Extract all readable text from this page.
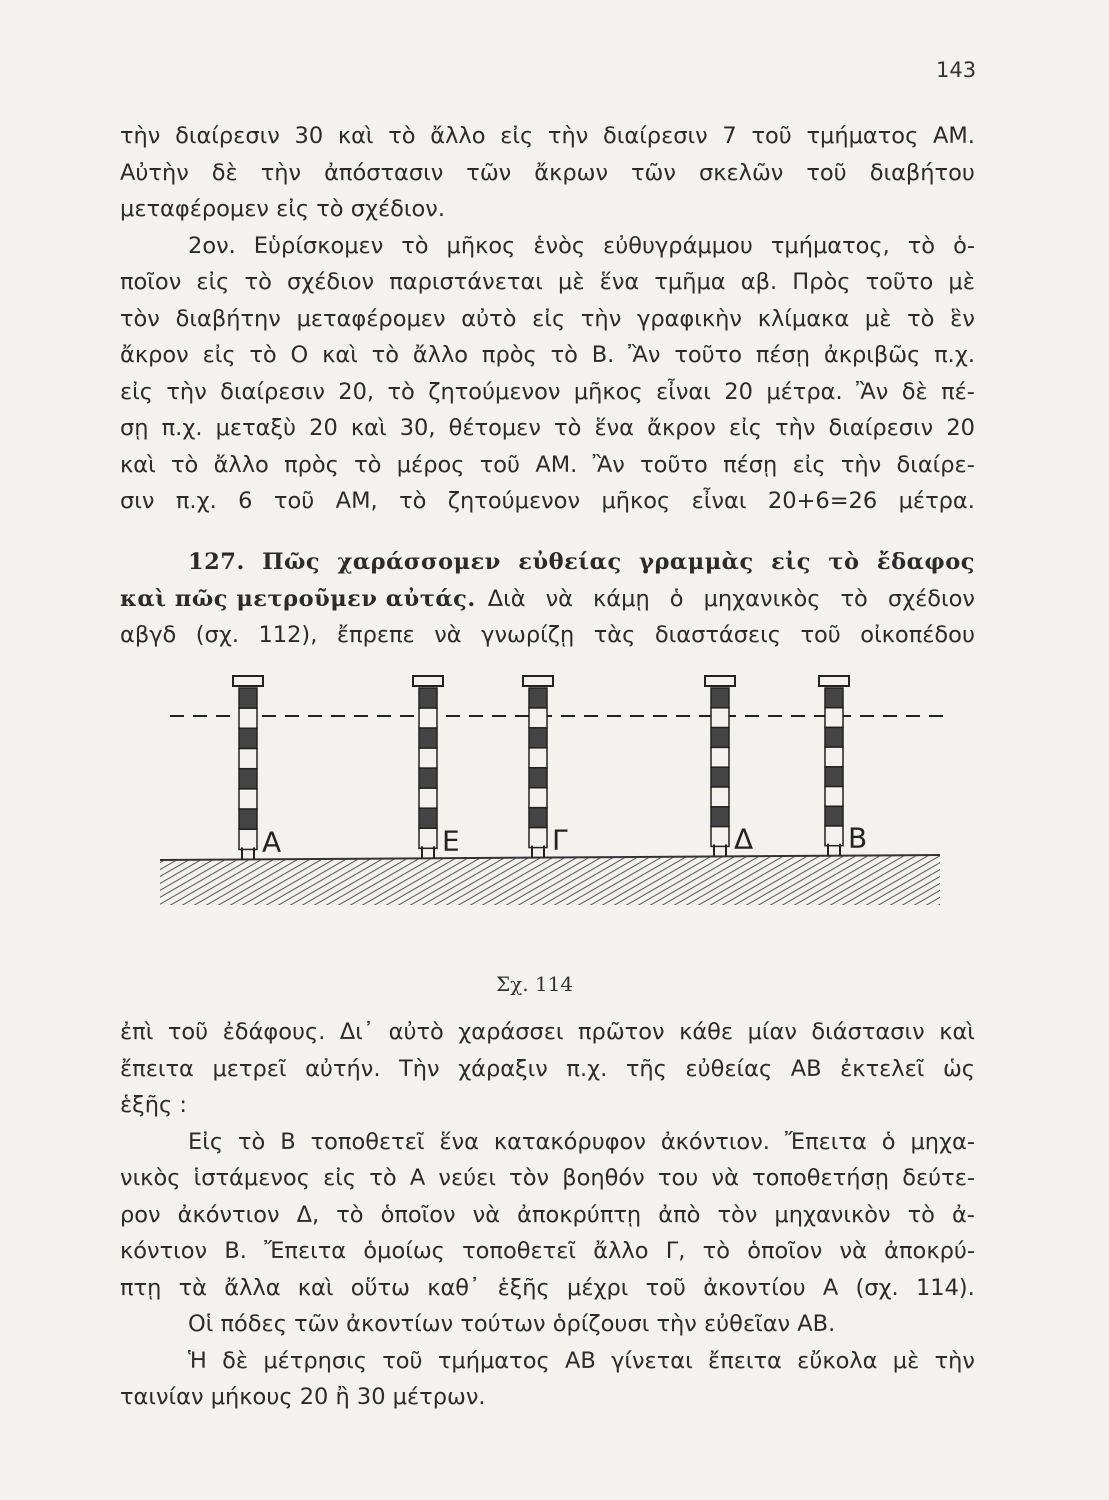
143
τὴν διαίρεσιν 30 καὶ τὸ ἄλλο εἰς τὴν διαίρεσιν 7 τοῦ τμήματος ΑΜ.
Αὐτὴν δὲ τὴν ἀπόστασιν τῶν ἄκρων τῶν σκελῶν τοῦ διαβήτου
μεταφέρομεν εἰς τὸ σχέδιον.
2ον. Εὑρίσκομεν τὸ μῆκος ἑνὸς εὐθυγράμμου τμήματος, τὸ ὁ-
ποῖον εἰς τὸ σχέδιον παριστάνεται μὲ ἕνα τμῆμα αβ. Πρὸς τοῦτο μὲ
τὸν διαβήτην μεταφέρομεν αὐτὸ εἰς τὴν γραφικὴν κλίμακα μὲ τὸ ἓν
ἄκρον εἰς τὸ Ο καὶ τὸ ἄλλο πρὸς τὸ Β. Ἂν τοῦτο πέσῃ ἀκριβῶς π.χ.
εἰς τὴν διαίρεσιν 20, τὸ ζητούμενον μῆκος εἶναι 20 μέτρα. Ἂν δὲ πέ-
σῃ π.χ. μεταξὺ 20 καὶ 30, θέτομεν τὸ ἕνα ἄκρον εἰς τὴν διαίρεσιν 20
καὶ τὸ ἄλλο πρὸς τὸ μέρος τοῦ ΑΜ. Ἂν τοῦτο πέσῃ εἰς τὴν διαίρε-
σιν π.χ. 6 τοῦ ΑΜ, τὸ ζητούμενον μῆκος εἶναι 20+6=26 μέτρα.
127. Πῶς χαράσσομεν εὐθείας γραμμὰς εἰς τὸ ἔδαφος
καὶ πῶς μετροῦμεν αὐτάς. Διὰ νὰ κάμῃ ὁ μηχανικὸς τὸ σχέδιον
αβγδ (σχ. 112), ἔπρεπε νὰ γνωρίζῃ τὰς διαστάσεις τοῦ οἰκοπέδου
Α	Ε	Γ	Δ	Β
Σχ. 114
ἐπὶ τοῦ ἐδάφους. Δι᾿ αὐτὸ χαράσσει πρῶτον κάθε μίαν διάστασιν καὶ
ἔπειτα μετρεῖ αὐτήν. Τὴν χάραξιν π.χ. τῆς εὐθείας ΑΒ ἐκτελεῖ ὡς
ἑξῆς :
Εἰς τὸ Β τοποθετεῖ ἕνα κατακόρυφον ἀκόντιον. Ἔπειτα ὁ μηχα-
νικὸς ἱστάμενος εἰς τὸ Α νεύει τὸν βοηθόν του νὰ τοποθετήσῃ δεύτε-
ρον ἀκόντιον Δ, τὸ ὁποῖον νὰ ἀποκρύπτῃ ἀπὸ τὸν μηχανικὸν τὸ ἀ-
κόντιον Β. Ἔπειτα ὁμοίως τοποθετεῖ ἄλλο Γ, τὸ ὁποῖον νὰ ἀποκρύ-
πτῃ τὰ ἄλλα καὶ οὕτω καθ᾿ ἑξῆς μέχρι τοῦ ἀκοντίου Α (σχ. 114).
Οἱ πόδες τῶν ἀκοντίων τούτων ὁρίζουσι τὴν εὐθεῖαν ΑΒ.
Ἡ δὲ μέτρησις τοῦ τμήματος ΑΒ γίνεται ἔπειτα εὔκολα μὲ τὴν
ταινίαν μήκους 20 ἢ 30 μέτρων.
